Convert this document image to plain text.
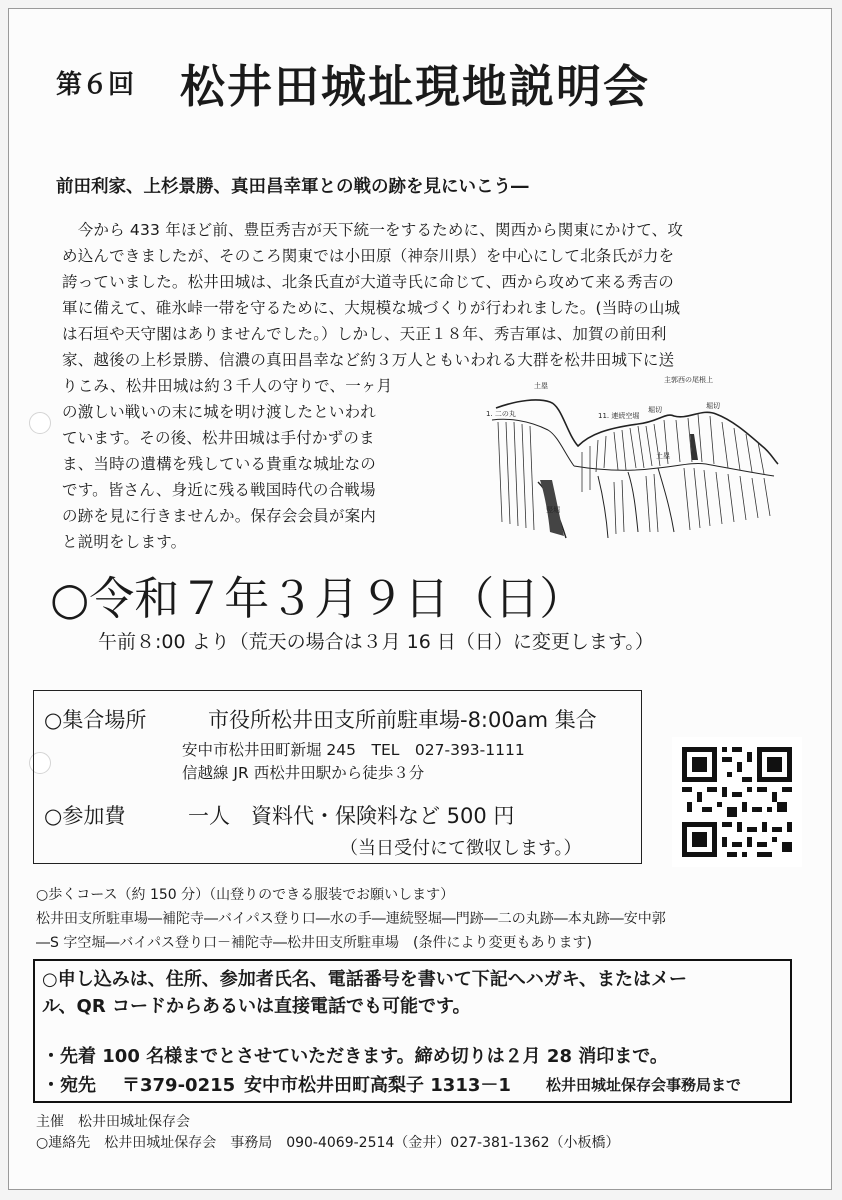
第６回 松井田城址現地説明会
前田利家、上杉景勝、真田昌幸軍との戦の跡を見にいこう―
　今から 433 年ほど前、豊臣秀吉が天下統一をするために、関西から関東にかけて、攻
め込んできましたが、そのころ関東では小田原（神奈川県）を中心にして北条氏が力を
誇っていました。松井田城は、北条氏直が大道寺氏に命じて、西から攻めて来る秀吉の
軍に備えて、碓氷峠一帯を守るために、大規模な城づくりが行われました。(当時の山城
は石垣や天守閣はありませんでした。）しかし、天正１８年、秀吉軍は、加賀の前田利
家、越後の上杉景勝、信濃の真田昌幸など約３万人ともいわれる大群を松井田城下に送
りこみ、松井田城は約３千人の守りで、一ヶ月
の激しい戦いの末に城を明け渡したといわれ
ています。その後、松井田城は手付かずのま
ま、当時の遺構を残している貴重な城址なの
です。皆さん、身近に残る戦国時代の合戦場
の跡を見に行きませんか。保存会会員が案内
と説明をします。
土塁
主郭西の尾根上
1. 二の丸	11. 連続空堀
堀切	堀切
土塁
竪堀
○令和７年３月９日（日）
午前８:00 より（荒天の場合は３月 16 日（日）に変更します。）
○集合場所	市役所松井田支所前駐車場-8:00am 集合
安中市松井田町新堀 245　TEL　027-393-1111
信越線 JR 西松井田駅から徒歩３分
○参加費	一人　資料代・保険料など 500 円
（当日受付にて徴収します。）
○歩くコース（約 150 分）（山登りのできる服装でお願いします）
松井田支所駐車場―補陀寺―バイパス登り口―水の手―連続竪堀―門跡―二の丸跡―本丸跡―安中郭
―S 字空堀―バイパス登り口－補陀寺―松井田支所駐車場　(条件により変更もあります)
○申し込みは、住所、参加者氏名、電話番号を書いて下記へハガキ、またはメー
ル、QR コードからあるいは直接電話でも可能です。
・先着 100 名様までとさせていただきます。締め切りは２月 28 消印まで。
・宛先 〒379-0215 安中市松井田町高梨子 1313－1 松井田城址保存会事務局まで
主催　松井田城址保存会
○連絡先　松井田城址保存会　事務局　090-4069-2514（金井）027-381-1362（小板橋）
